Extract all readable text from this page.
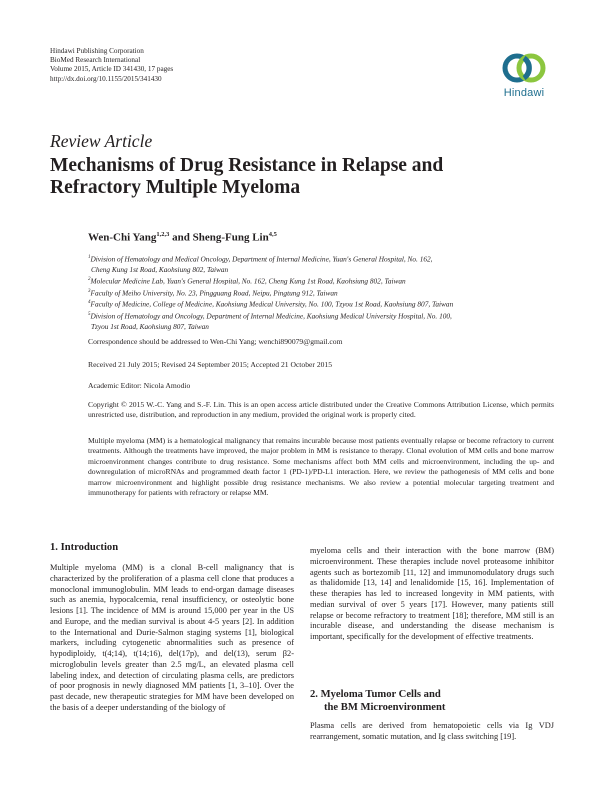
Hindawi Publishing Corporation
BioMed Research International
Volume 2015, Article ID 341430, 17 pages
http://dx.doi.org/10.1155/2015/341430
Hindawi
Review Article
Mechanisms of Drug Resistance in Relapse and Refractory Multiple Myeloma
Wen-Chi Yang$^{1,2,3}$ and Sheng-Fung Lin$^{4,5}$
$^1$Division of Hematology and Medical Oncology, Department of Internal Medicine, Yuan's General Hospital, No. 162,
Cheng Kung 1st Road, Kaohsiung 802, Taiwan
$^2$Molecular Medicine Lab, Yuan's General Hospital, No. 162, Cheng Kung 1st Road, Kaohsiung 802, Taiwan
$^3$Faculty of Meiho University, No. 23, Pingguang Road, Neipu, Pingtung 912, Taiwan
$^4$Faculty of Medicine, College of Medicine, Kaohsiung Medical University, No. 100, Tzyou 1st Road, Kaohsiung 807, Taiwan
$^5$Division of Hematology and Oncology, Department of Internal Medicine, Kaohsiung Medical University Hospital, No. 100,
Tzyou 1st Road, Kaohsiung 807, Taiwan
Correspondence should be addressed to Wen-Chi Yang; wenchi890079@gmail.com
Received 21 July 2015; Revised 24 September 2015; Accepted 21 October 2015
Academic Editor: Nicola Amodio
Copyright © 2015 W.-C. Yang and S.-F. Lin. This is an open access article distributed under the Creative Commons Attribution License, which permits unrestricted use, distribution, and reproduction in any medium, provided the original work is properly cited.
Multiple myeloma (MM) is a hematological malignancy that remains incurable because most patients eventually relapse or become refractory to current treatments. Although the treatments have improved, the major problem in MM is resistance to therapy. Clonal evolution of MM cells and bone marrow microenvironment changes contribute to drug resistance. Some mechanisms affect both MM cells and microenvironment, including the up- and downregulation of microRNAs and programmed death factor 1 (PD-1)/PD-L1 interaction. Here, we review the pathogenesis of MM cells and bone marrow microenvironment and highlight possible drug resistance mechanisms. We also review a potential molecular targeting treatment and immunotherapy for patients with refractory or relapse MM.
1. Introduction

Multiple myeloma (MM) is a clonal B-cell malignancy that is characterized by the proliferation of a plasma cell clone that produces a monoclonal immunoglobulin. MM leads to end-organ damage diseases such as anemia, hypocalcemia, renal insufficiency, or osteolytic bone lesions [1]. The incidence of MM is around 15,000 per year in the US and Europe, and the median survival is about 4-5 years [2]. In addition to the International and Durie-Salmon staging systems [1], biological markers, including cytogenetic abnormalities such as presence of hypodiploidy, t(4;14), t(14;16), del(17p), and del(13), serum β2-microglobulin levels greater than 2.5 mg/L, an elevated plasma cell labeling index, and detection of circulating plasma cells, are predictors of poor prognosis in newly diagnosed MM patients [1, 3–10]. Over the past decade, new therapeutic strategies for MM have been developed on the basis of a deeper understanding of the biology of

myeloma cells and their interaction with the bone marrow (BM) microenvironment. These therapies include novel proteasome inhibitor agents such as bortezomib [11, 12] and immunomodulatory drugs such as thalidomide [13, 14] and lenalidomide [15, 16]. Implementation of these therapies has led to increased longevity in MM patients, with median survival of over 5 years [17]. However, many patients still relapse or become refractory to treatment [18]; therefore, MM still is an incurable disease, and understanding the disease mechanism is important, specifically for the development of effective treatments.

2. Myeloma Tumor Cells and
the BM Microenvironment

Plasma cells are derived from hematopoietic cells via Ig VDJ rearrangement, somatic mutation, and Ig class switching [19].
